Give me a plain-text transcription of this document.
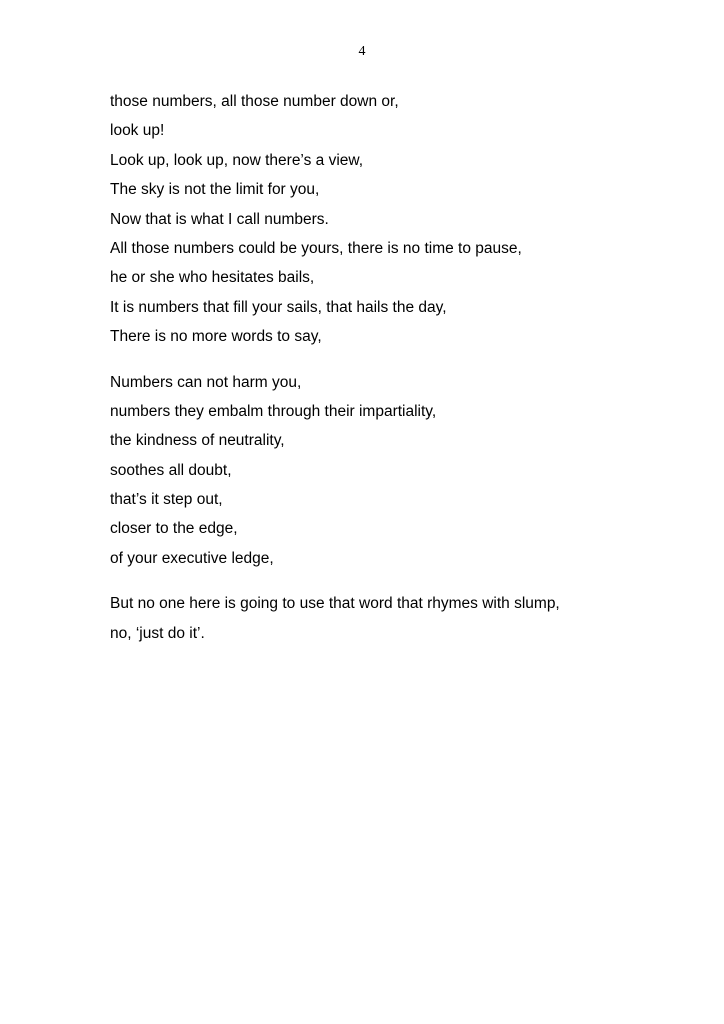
4
those numbers, all those number down or,
look up!
Look up, look up, now there’s a view,
The sky is not the limit for you,
Now that is what I call numbers.
All those numbers could be yours, there is no time to pause,
he or she who hesitates bails,
It is numbers that fill your sails, that hails the day,
There is no more words to say,
Numbers can not harm you,
numbers they embalm through their impartiality,
the kindness of neutrality,
soothes all doubt,
that’s it step out,
closer to the edge,
of your executive ledge,
But no one here is going to use that word that rhymes with slump,
no, ‘just do it’.
